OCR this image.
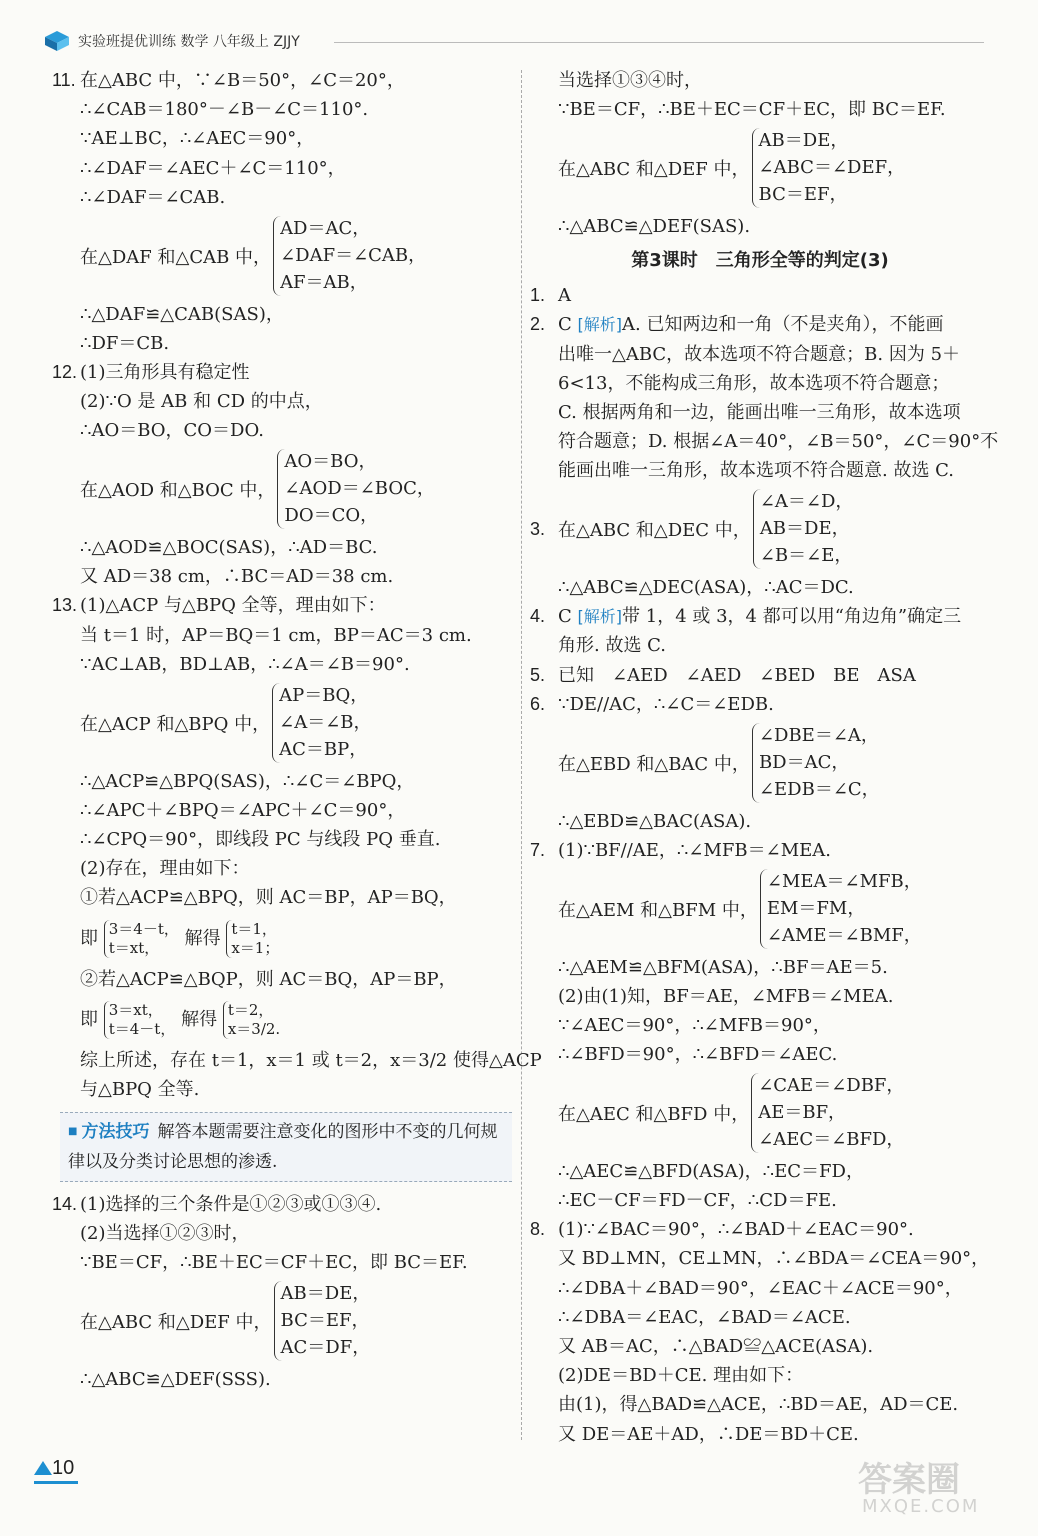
实验班提优训练 数学 八年级上 ZJJY
11. 在△ABC 中，∵∠B＝50°，∠C＝20°，
∴∠CAB＝180°－∠B－∠C＝110°.
∵AE⊥BC，∴∠AEC＝90°，
∴∠DAF＝∠AEC＋∠C＝110°，
∴∠DAF＝∠CAB.
在△DAF 和△CAB 中，
AD＝AC，
∠DAF＝∠CAB，
AF＝AB，
∴△DAF≌△CAB(SAS)，
∴DF＝CB.
12. (1)三角形具有稳定性
(2)∵O 是 AB 和 CD 的中点，
∴AO＝BO，CO＝DO.
在△AOD 和△BOC 中，
AO＝BO，
∠AOD＝∠BOC，
DO＝CO，
∴△AOD≌△BOC(SAS)，∴AD＝BC.
又 AD＝38 cm，∴BC＝AD＝38 cm.
13. (1)△ACP 与△BPQ 全等，理由如下：
当 t＝1 时，AP＝BQ＝1 cm，BP＝AC＝3 cm.
∵AC⊥AB，BD⊥AB，∴∠A＝∠B＝90°.
在△ACP 和△BPQ 中，
AP＝BQ，
∠A＝∠B，
AC＝BP，
∴△ACP≌△BPQ(SAS)，∴∠C＝∠BPQ，
∴∠APC＋∠BPQ＝∠APC＋∠C＝90°，
∴∠CPQ＝90°，即线段 PC 与线段 PQ 垂直.
(2)存在，理由如下：
①若△ACP≌△BPQ，则 AC＝BP，AP＝BQ，
即 3＝4－t，
t＝xt，	解得 t＝1，
x＝1；
②若△ACP≌△BQP，则 AC＝BQ，AP＝BP，
即 3＝xt，
t＝4－t， 解得 t＝2，
x＝3/2.
综上所述，存在 t＝1，x＝1 或 t＝2，x＝3/2 使得△ACP
与△BPQ 全等.
■ 方法技巧 解答本题需要注意变化的图形中不变的几何规律以及分类讨论思想的渗透.
14. (1)选择的三个条件是①②③或①③④.
(2)当选择①②③时，
∵BE＝CF，∴BE＋EC＝CF＋EC，即 BC＝EF.
在△ABC 和△DEF 中，
AB＝DE，
BC＝EF，
AC＝DF，
∴△ABC≌△DEF(SSS).
当选择①③④时，
∵BE＝CF，∴BE＋EC＝CF＋EC，即 BC＝EF.
在△ABC 和△DEF 中，
AB＝DE，
∠ABC＝∠DEF，
BC＝EF，
∴△ABC≌△DEF(SAS).
第3课时　三角形全等的判定(3)
1. A
2. C [解析]A. 已知两边和一角（不是夹角），不能画
出唯一△ABC，故本选项不符合题意；B. 因为 5＋
6<13，不能构成三角形，故本选项不符合题意；
C. 根据两角和一边，能画出唯一三角形，故本选项
符合题意；D. 根据∠A＝40°，∠B＝50°，∠C＝90°不
能画出唯一三角形，故本选项不符合题意. 故选 C.
3. 在△ABC 和△DEC 中，
∠A＝∠D，
AB＝DE，
∠B＝∠E，
∴△ABC≌△DEC(ASA)，∴AC＝DC.
4. C [解析]带 1，4 或 3，4 都可以用“角边角”确定三
角形. 故选 C.
5. 已知　∠AED　∠AED　∠BED　BE　ASA
6. ∵DE//AC，∴∠C＝∠EDB.
在△EBD 和△BAC 中，
∠DBE＝∠A，
BD＝AC，
∠EDB＝∠C，
∴△EBD≌△BAC(ASA).
7. (1)∵BF//AE，∴∠MFB＝∠MEA.
在△AEM 和△BFM 中，
∠MEA＝∠MFB，
EM＝FM，
∠AME＝∠BMF，
∴△AEM≌△BFM(ASA)，∴BF＝AE＝5.
(2)由(1)知，BF＝AE，∠MFB＝∠MEA.
∵∠AEC＝90°，∴∠MFB＝90°，
∴∠BFD＝90°，∴∠BFD＝∠AEC.
在△AEC 和△BFD 中，
∠CAE＝∠DBF，
AE＝BF，
∠AEC＝∠BFD，
∴△AEC≌△BFD(ASA)，∴EC＝FD，
∴EC－CF＝FD－CF，∴CD＝FE.
8. (1)∵∠BAC＝90°，∴∠BAD＋∠EAC＝90°.
又 BD⊥MN，CE⊥MN，∴∠BDA＝∠CEA＝90°，
∴∠DBA＋∠BAD＝90°，∠EAC＋∠ACE＝90°，
∴∠DBA＝∠EAC，∠BAD＝∠ACE.
又 AB＝AC，∴△BAD≌△ACE(ASA).
(2)DE＝BD＋CE. 理由如下：
由(1)，得△BAD≌△ACE，∴BD＝AE，AD＝CE.
又 DE＝AE＋AD，∴DE＝BD＋CE.
10	答案圈
MXQE.COM
